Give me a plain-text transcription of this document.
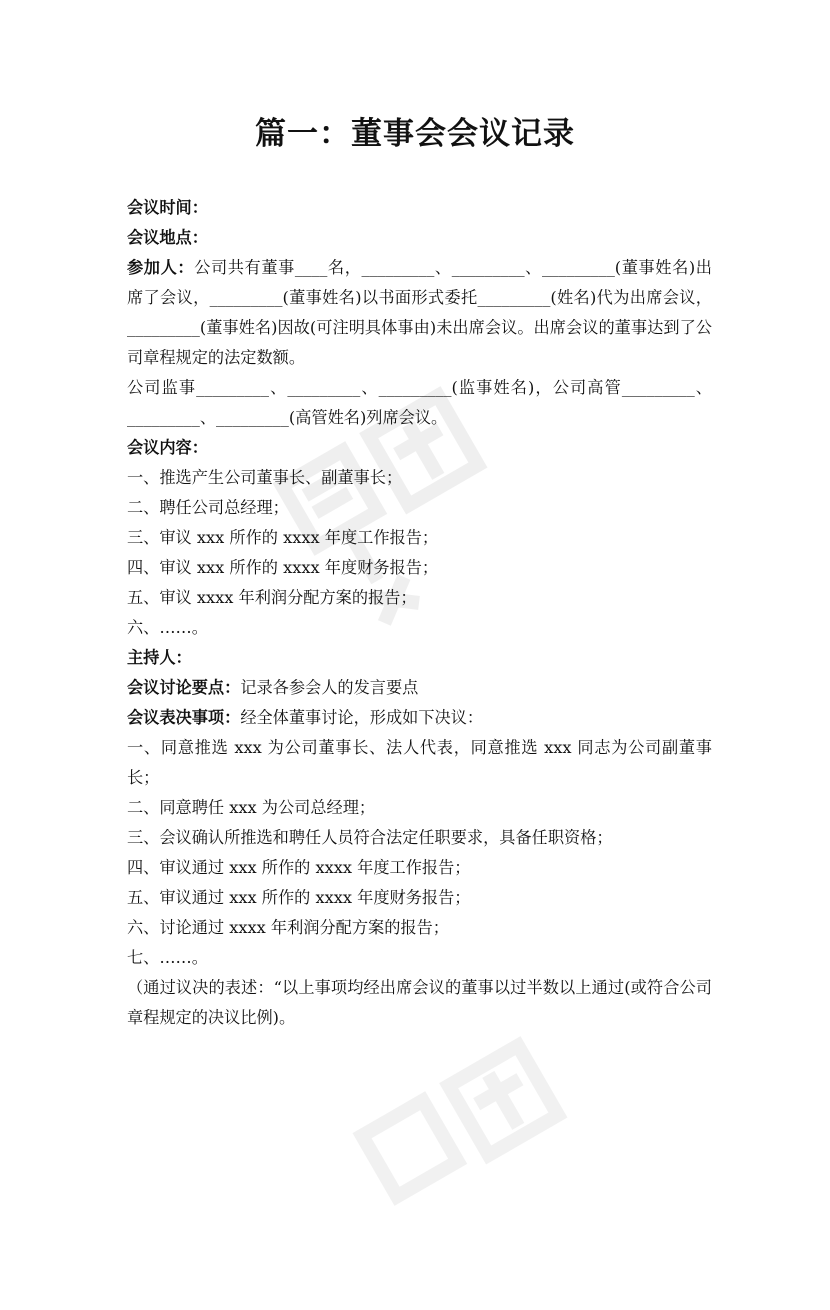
篇一：董事会会议记录

会议时间：

会议地点：

参加人：公司共有董事____名，_________、_________、_________(董事姓名)出席了会议，_________(董事姓名)以书面形式委托_________(姓名)代为出席会议，_________(董事姓名)因故(可注明具体事由)未出席会议。出席会议的董事达到了公司章程规定的法定数额。

公司监事_________、_________、_________(监事姓名)，公司高管_________、_________、_________(高管姓名)列席会议。

会议内容：

一、推选产生公司董事长、副董事长；

二、聘任公司总经理；

三、审议 xxx 所作的 xxxx 年度工作报告；

四、审议 xxx 所作的 xxxx 年度财务报告；

五、审议 xxxx 年利润分配方案的报告；

六、……。

主持人：

会议讨论要点：记录各参会人的发言要点

会议表决事项：经全体董事讨论，形成如下决议：

一、同意推选 xxx 为公司董事长、法人代表，同意推选 xxx 同志为公司副董事长；

二、同意聘任 xxx 为公司总经理；

三、会议确认所推选和聘任人员符合法定任职要求，具备任职资格；

四、审议通过 xxx 所作的 xxxx 年度工作报告；

五、审议通过 xxx 所作的 xxxx 年度财务报告；

六、讨论通过 xxxx 年利润分配方案的报告；

七、……。

（通过议决的表述：“以上事项均经出席会议的董事以过半数以上通过(或符合公司章程规定的决议比例)。
